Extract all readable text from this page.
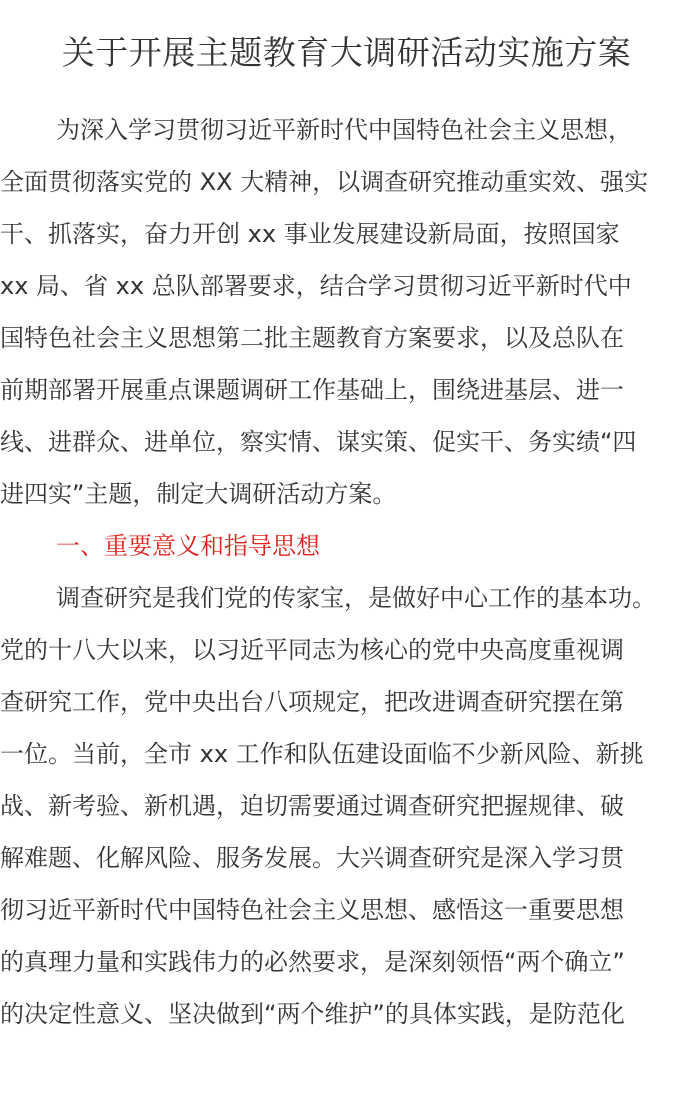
关于开展主题教育大调研活动实施方案
为深入学习贯彻习近平新时代中国特色社会主义思想，
全面贯彻落实党的 XX 大精神，以调查研究推动重实效、强实
干、抓落实，奋力开创 xx 事业发展建设新局面，按照国家
xx 局、省 xx 总队部署要求，结合学习贯彻习近平新时代中
国特色社会主义思想第二批主题教育方案要求，以及总队在
前期部署开展重点课题调研工作基础上，围绕进基层、进一
线、进群众、进单位，察实情、谋实策、促实干、务实绩“四
进四实”主题，制定大调研活动方案。
一、重要意义和指导思想
调查研究是我们党的传家宝，是做好中心工作的基本功。
党的十八大以来，以习近平同志为核心的党中央高度重视调
查研究工作，党中央出台八项规定，把改进调查研究摆在第
一位。当前，全市 xx 工作和队伍建设面临不少新风险、新挑
战、新考验、新机遇，迫切需要通过调查研究把握规律、破
解难题、化解风险、服务发展。大兴调查研究是深入学习贯
彻习近平新时代中国特色社会主义思想、感悟这一重要思想
的真理力量和实践伟力的必然要求，是深刻领悟“两个确立”
的决定性意义、坚决做到“两个维护”的具体实践，是防范化
